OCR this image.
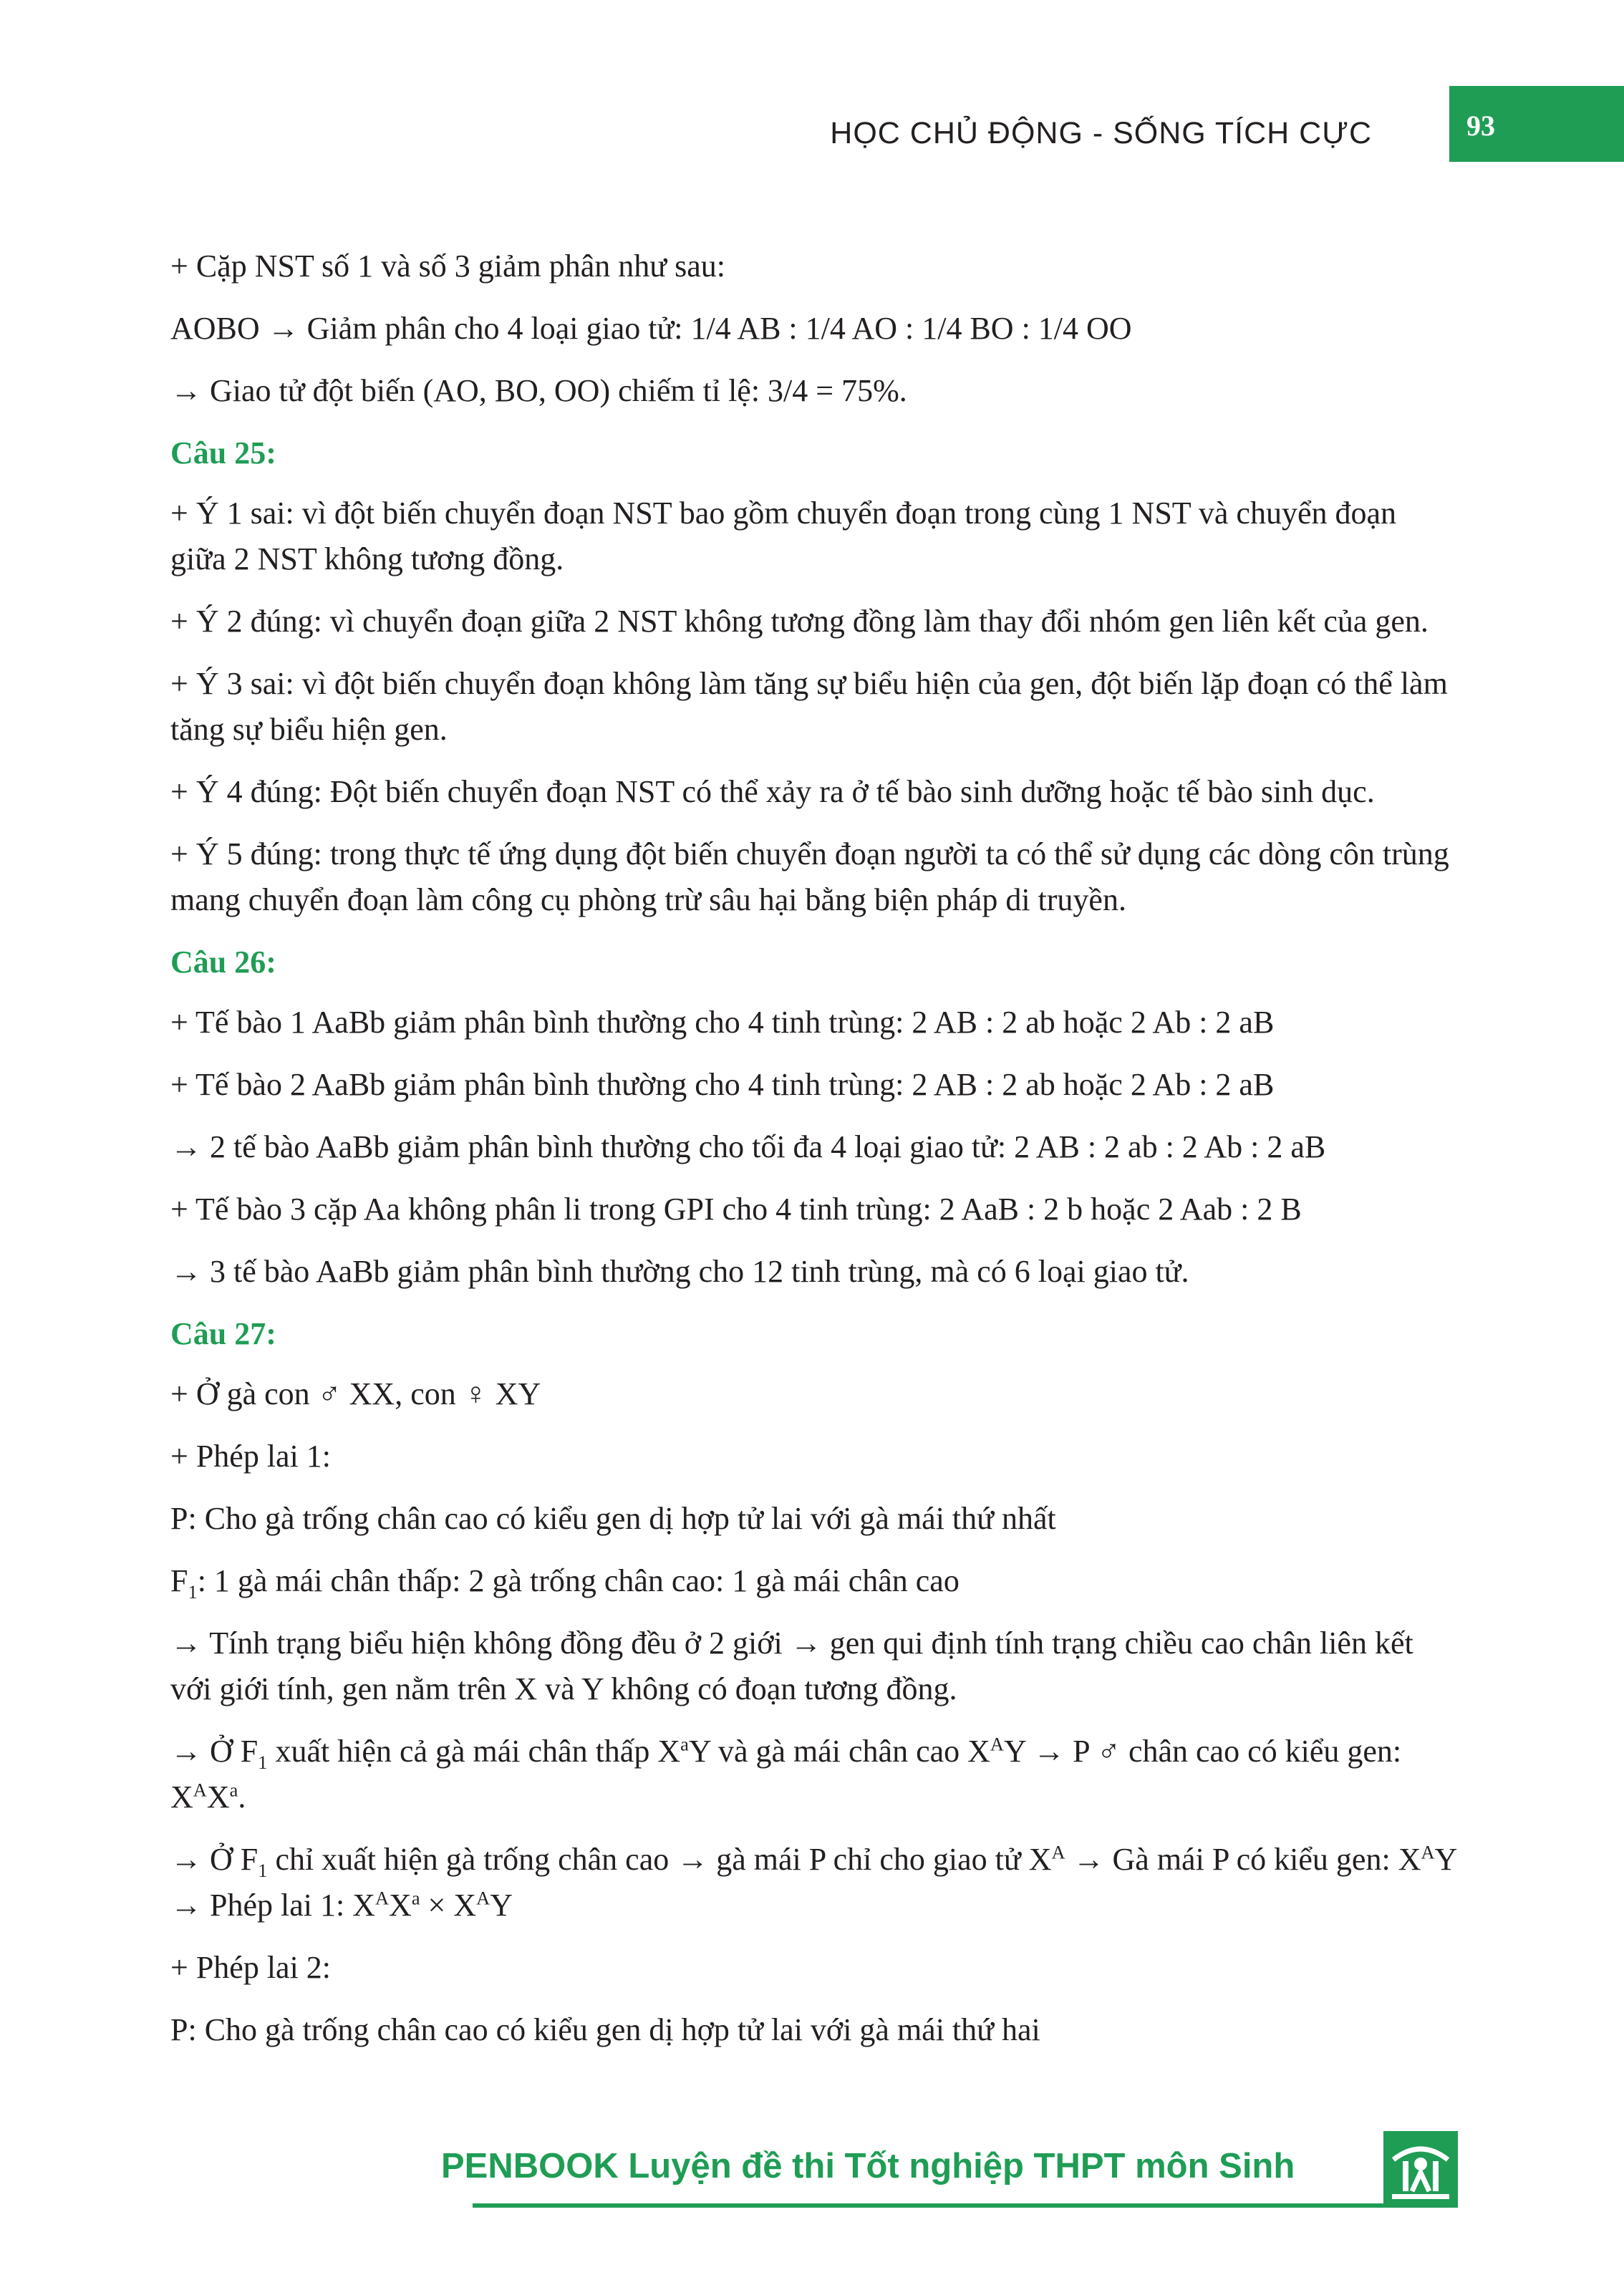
HỌC CHỦ ĐỘNG - SỐNG TÍCH CỰC	93

+ Cặp NST số 1 và số 3 giảm phân như sau:

AOBO → Giảm phân cho 4 loại giao tử: 1/4 AB : 1/4 AO : 1/4 BO : 1/4 OO

→ Giao tử đột biến (AO, BO, OO) chiếm tỉ lệ: 3/4 = 75%.

Câu 25:

+ Ý 1 sai: vì đột biến chuyển đoạn NST bao gồm chuyển đoạn trong cùng 1 NST và chuyển đoạn giữa 2 NST không tương đồng.

+ Ý 2 đúng: vì chuyển đoạn giữa 2 NST không tương đồng làm thay đổi nhóm gen liên kết của gen.

+ Ý 3 sai: vì đột biến chuyển đoạn không làm tăng sự biểu hiện của gen, đột biến lặp đoạn có thể làm tăng sự biểu hiện gen.

+ Ý 4 đúng: Đột biến chuyển đoạn NST có thể xảy ra ở tế bào sinh dưỡng hoặc tế bào sinh dục.

+ Ý 5 đúng: trong thực tế ứng dụng đột biến chuyển đoạn người ta có thể sử dụng các dòng côn trùng mang chuyển đoạn làm công cụ phòng trừ sâu hại bằng biện pháp di truyền.

Câu 26:

+ Tế bào 1 AaBb giảm phân bình thường cho 4 tinh trùng: 2 AB : 2 ab hoặc 2 Ab : 2 aB

+ Tế bào 2 AaBb giảm phân bình thường cho 4 tinh trùng: 2 AB : 2 ab hoặc 2 Ab : 2 aB

→ 2 tế bào AaBb giảm phân bình thường cho tối đa 4 loại giao tử: 2 AB : 2 ab : 2 Ab : 2 aB

+ Tế bào 3 cặp Aa không phân li trong GPI cho 4 tinh trùng: 2 AaB : 2 b hoặc 2 Aab : 2 B

→ 3 tế bào AaBb giảm phân bình thường cho 12 tinh trùng, mà có 6 loại giao tử.

Câu 27:

+ Ở gà con ♂ XX, con ♀ XY

+ Phép lai 1:

P: Cho gà trống chân cao có kiểu gen dị hợp tử lai với gà mái thứ nhất

$F_1$: 1 gà mái chân thấp: 2 gà trống chân cao: 1 gà mái chân cao

→ Tính trạng biểu hiện không đồng đều ở 2 giới → gen qui định tính trạng chiều cao chân liên kết với giới tính, gen nằm trên X và Y không có đoạn tương đồng.

→ Ở $F_1$ xuất hiện cả gà mái chân thấp $X^aY$ và gà mái chân cao $X^AY \to P$ ♂ chân cao có kiểu gen: $X^AX^a$.

→ Ở $F_1$ chỉ xuất hiện gà trống chân cao → gà mái P chỉ cho giao tử $X^A$ → Gà mái P có kiểu gen: $X^AY$ → Phép lai 1: $X^AX^a \times X^AY$

+ Phép lai 2:

P: Cho gà trống chân cao có kiểu gen dị hợp tử lai với gà mái thứ hai

PENBOOK Luyện đề thi Tốt nghiệp THPT môn Sinh
